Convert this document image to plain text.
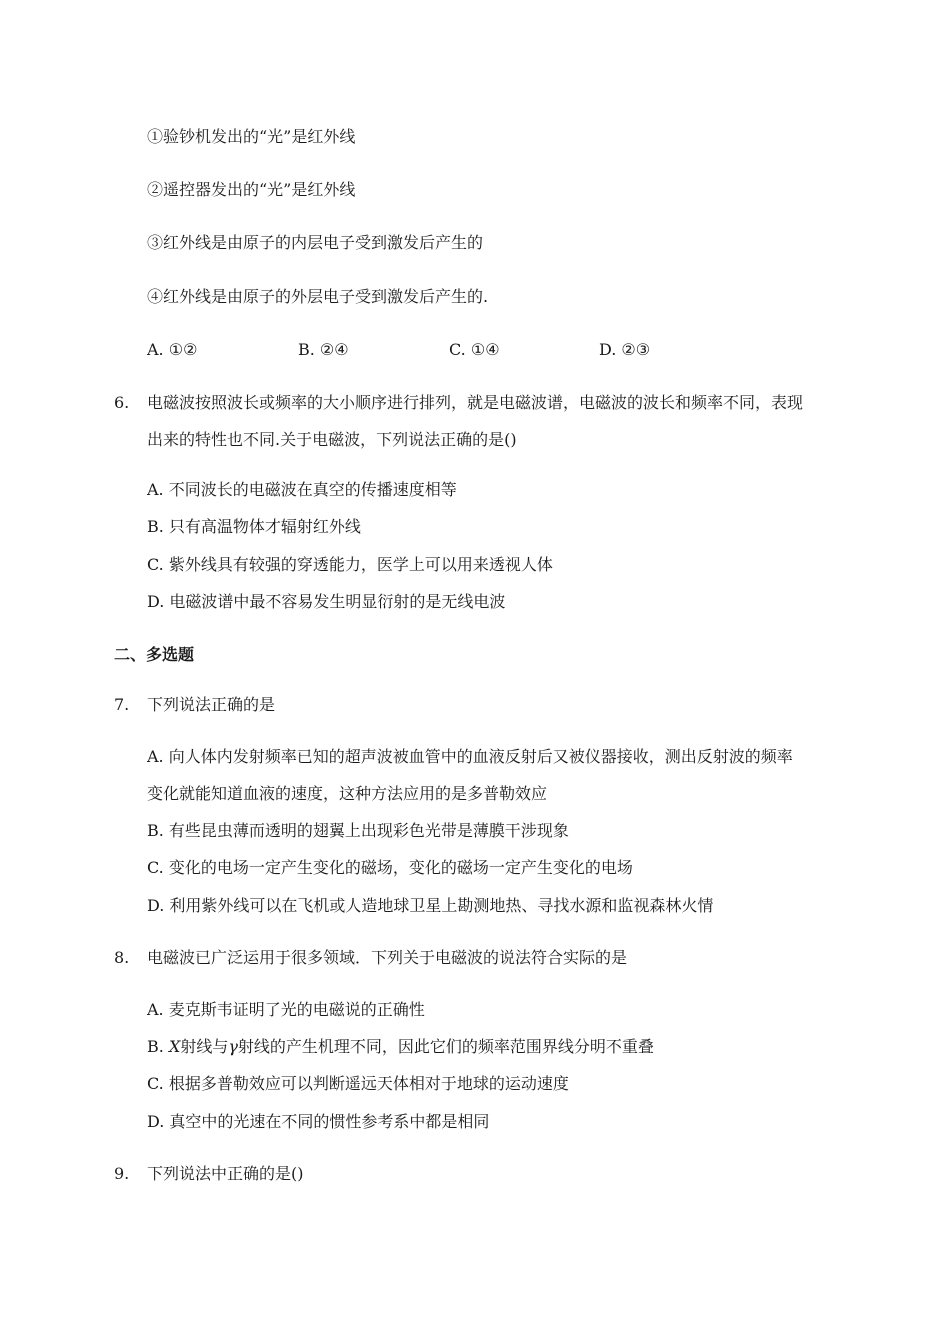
①验钞机发出的“光”是红外线
②遥控器发出的“光”是红外线
③红外线是由原子的内层电子受到激发后产生的
④红外线是由原子的外层电子受到激发后产生的.
A. ①②	B. ②④	C. ①④	D. ②③
6. 电磁波按照波长或频率的大小顺序进行排列，就是电磁波谱，电磁波的波长和频率不同，表现
出来的特性也不同.关于电磁波，下列说法正确的是()
A. 不同波长的电磁波在真空的传播速度相等
B. 只有高温物体才辐射红外线
C. 紫外线具有较强的穿透能力，医学上可以用来透视人体
D. 电磁波谱中最不容易发生明显衍射的是无线电波
二、多选题
7. 下列说法正确的是
A. 向人体内发射频率已知的超声波被血管中的血液反射后又被仪器接收，测出反射波的频率
变化就能知道血液的速度，这种方法应用的是多普勒效应
B. 有些昆虫薄而透明的翅翼上出现彩色光带是薄膜干涉现象
C. 变化的电场一定产生变化的磁场，变化的磁场一定产生变化的电场
D. 利用紫外线可以在飞机或人造地球卫星上勘测地热、寻找水源和监视森林火情
8. 电磁波已广泛运用于很多领域．下列关于电磁波的说法符合实际的是
A. 麦克斯韦证明了光的电磁说的正确性
B. X射线与γ射线的产生机理不同，因此它们的频率范围界线分明不重叠
C. 根据多普勒效应可以判断遥远天体相对于地球的运动速度
D. 真空中的光速在不同的惯性参考系中都是相同
9. 下列说法中正确的是()
